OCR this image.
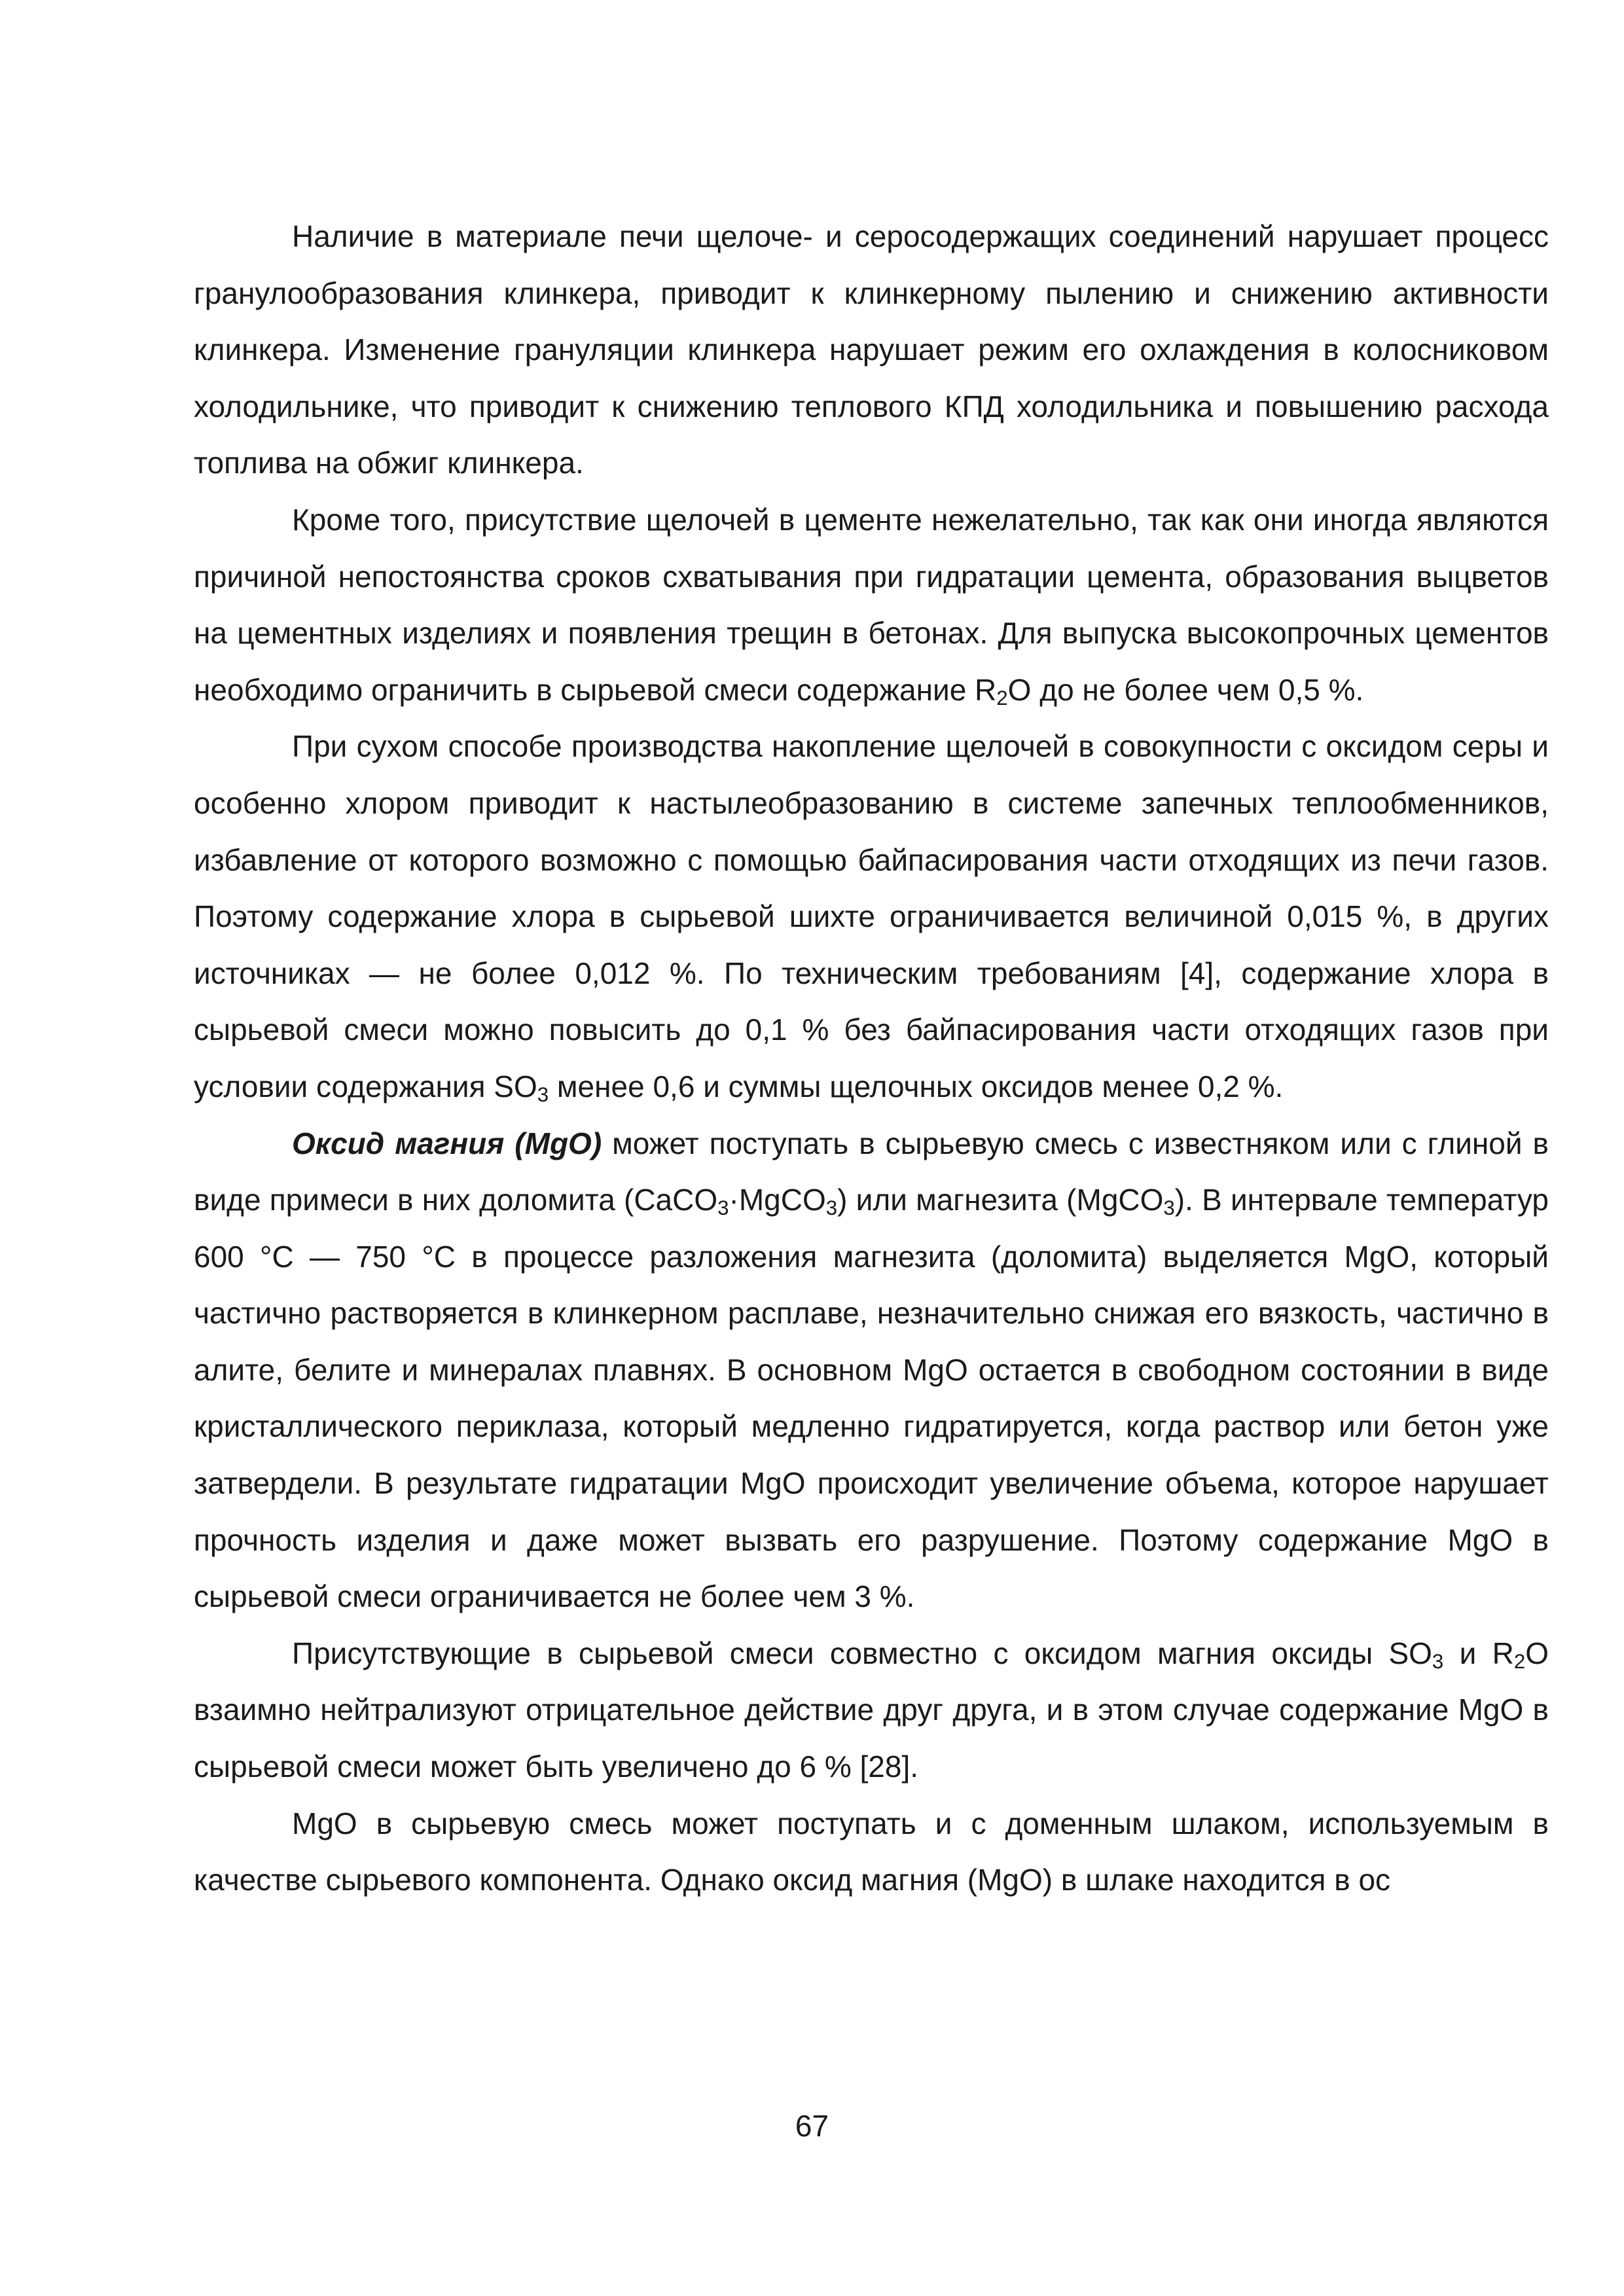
Наличие в материале печи щелоче- и серосодержащих соединений нарушает процесс гранулообразования клинкера, приводит к клинкерному пылению и снижению активности клинкера. Изменение грануляции клинкера нарушает режим его охлаждения в колосниковом холодильнике, что приводит к снижению теплового КПД холодильника и повышению расхода топлива на обжиг клинкера.

Кроме того, присутствие щелочей в цементе нежелательно, так как они иногда являются причиной непостоянства сроков схватывания при гидратации цемента, образования выцветов на цементных изделиях и появления трещин в бетонах. Для выпуска высокопрочных цементов необходимо ограничить в сырьевой смеси содержание $R_2O$ до не более чем 0,5 %.

При сухом способе производства накопление щелочей в совокупности с оксидом серы и особенно хлором приводит к настылеобразованию в системе запечных теплообменников, избавление от которого возможно с помощью байпасирования части отходящих из печи газов. Поэтому содержание хлора в сырьевой шихте ограничивается величиной 0,015 %, в других источниках — не более 0,012 %. По техническим требованиям [4], содержание хлора в сырьевой смеси можно повысить до 0,1 % без байпасирования части отходящих газов при условии содержания $SO_3$ менее 0,6 и суммы щелочных оксидов менее 0,2 %.

Оксид магния (MgO) может поступать в сырьевую смесь с известняком или с глиной в виде примеси в них доломита (CaCO$_3$·MgCO$_3$) или магнезита (MgCO$_3$). В интервале температур 600 °C — 750 °C в процессе разложения магнезита (доломита) выделяется MgO, который частично растворяется в клинкерном расплаве, незначительно снижая его вязкость, частично в алите, белите и минералах плавнях. В основном MgO остается в свободном состоянии в виде кристаллического периклаза, который медленно гидратируется, когда раствор или бетон уже затвердели. В результате гидратации MgO происходит увеличение объема, которое нарушает прочность изделия и даже может вызвать его разрушение. Поэтому содержание MgO в сырьевой смеси ограничивается не более чем 3 %.

Присутствующие в сырьевой смеси совместно с оксидом магния оксиды $SO_3$ и $R_2O$ взаимно нейтрализуют отрицательное действие друг друга, и в этом случае содержание MgO в сырьевой смеси может быть увеличено до 6 % [28].

MgO в сырьевую смесь может поступать и с доменным шлаком, используемым в качестве сырьевого компонента. Однако оксид магния (MgO) в шлаке находится в ос

67
